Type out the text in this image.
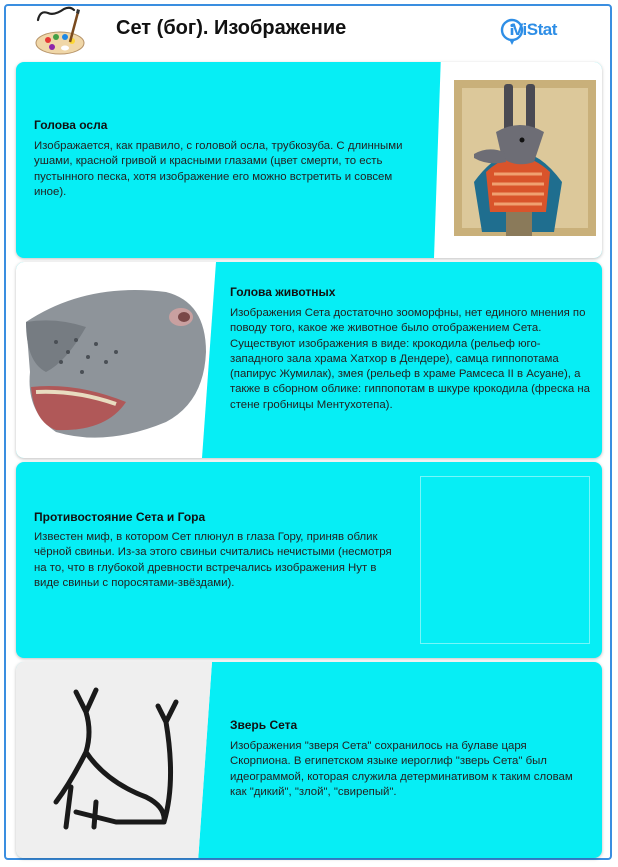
Сет (бог). Изображение	ViStat
Голова осла

Изображается, как правило, с головой осла, трубкозуба. С длинными ушами, красной гривой и красными глазами (цвет смерти, то есть пустынного песка, хотя изображение его можно встретить и совсем иное).

Голова животных

Изображения Сета достаточно зооморфны, нет единого мнения по поводу того, какое же животное было отображением Сета. Существуют изображения в виде: крокодила (рельеф юго-западного зала храма Хатхор в Дендере), самца гиппопотама (папирус Жумилак), змея (рельеф в храме Рамсеса II в Асуане), а также в сборном облике: гиппопотам в шкуре крокодила (фреска на стене гробницы Ментухотепа).

Противостояние Сета и Гора

Известен миф, в котором Сет плюнул в глаза Гору, приняв облик чёрной свиньи. Из-за этого свиньи считались нечистыми (несмотря на то, что в глубокой древности встречались изображения Нут в виде свиньи с поросятами-звёздами).

Зверь Сета

Изображения "зверя Сета" сохранилось на булаве царя Скорпиона. В египетском языке иероглиф "зверь Сета" был идеограммой, которая служила детерминативом к таким словам как "дикий", "злой", "свирепый".
